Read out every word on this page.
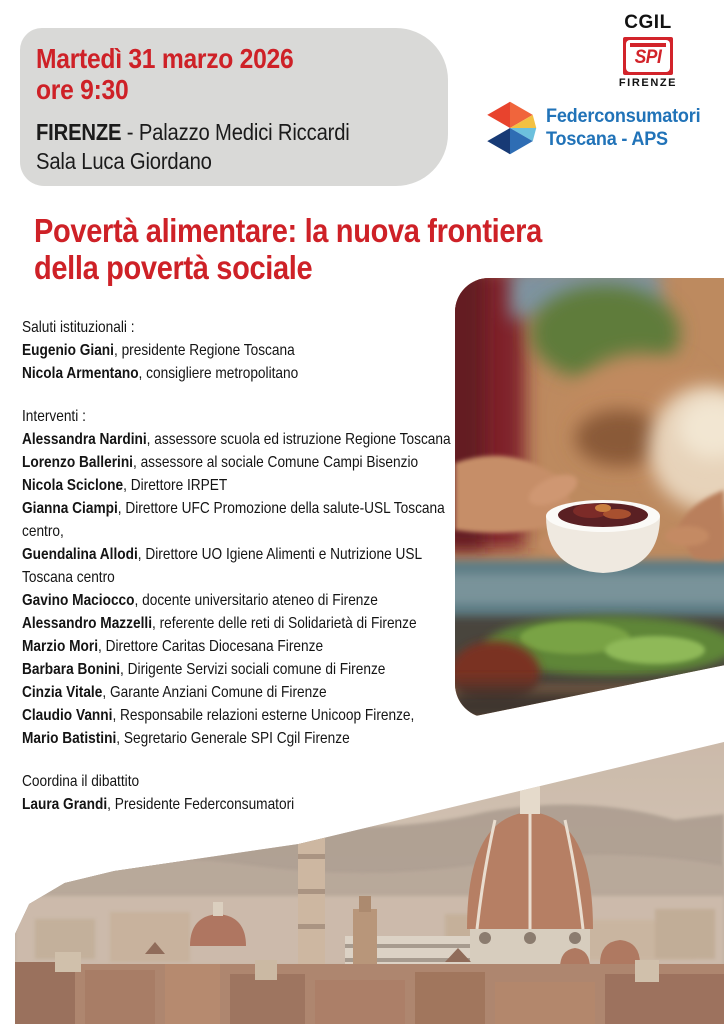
Martedì 31 marzo 2026
ore 9:30
FIRENZE - Palazzo Medici Riccardi
Sala Luca Giordano
CGIL
SPI
FIRENZE
Federconsumatori
Toscana - APS
Povertà alimentare: la nuova frontiera
della povertà sociale
Saluti istituzionali :
Eugenio Giani, presidente Regione Toscana
Nicola Armentano, consigliere metropolitano
Interventi :
Alessandra Nardini, assessore scuola ed istruzione Regione Toscana
Lorenzo Ballerini, assessore al sociale Comune Campi Bisenzio
Nicola Sciclone, Direttore IRPET
Gianna Ciampi, Direttore UFC Promozione della salute-USL Toscana centro,
Guendalina Allodi, Direttore UO Igiene Alimenti e Nutrizione USL Toscana centro
Gavino Maciocco, docente universitario ateneo di Firenze
Alessandro Mazzelli, referente delle reti di Solidarietà di Firenze
Marzio Mori, Direttore Caritas Diocesana Firenze
Barbara Bonini, Dirigente Servizi sociali comune di Firenze
Cinzia Vitale, Garante Anziani Comune di Firenze
Claudio Vanni, Responsabile relazioni esterne Unicoop Firenze,
Mario Batistini, Segretario Generale SPI Cgil Firenze
Coordina il dibattito
Laura Grandi, Presidente Federconsumatori
